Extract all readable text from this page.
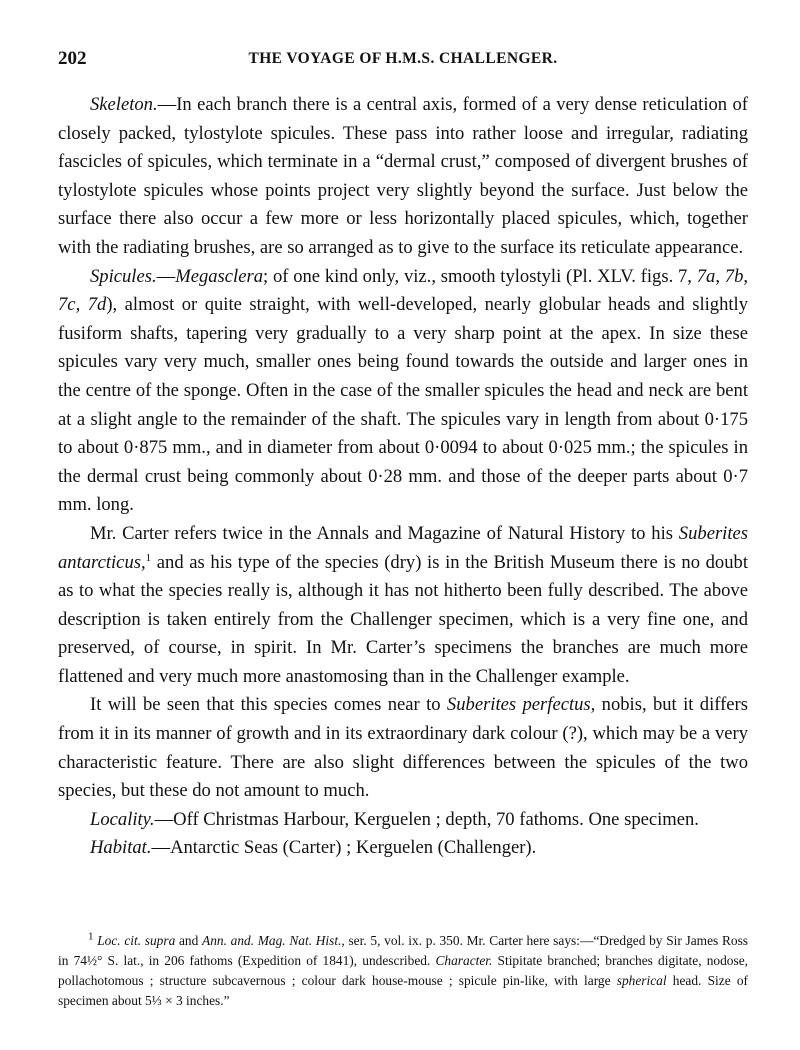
202	THE VOYAGE OF H.M.S. CHALLENGER.

Skeleton.—In each branch there is a central axis, formed of a very dense reticulation of closely packed, tylostylote spicules. These pass into rather loose and irregular, radiating fascicles of spicules, which terminate in a “dermal crust,” composed of divergent brushes of tylostylote spicules whose points project very slightly beyond the surface. Just below the surface there also occur a few more or less horizontally placed spicules, which, together with the radiating brushes, are so arranged as to give to the surface its reticulate appearance.

Spicules.—Megasclera; of one kind only, viz., smooth tylostyli (Pl. XLV. figs. 7, 7a, 7b, 7c, 7d), almost or quite straight, with well-developed, nearly globular heads and slightly fusiform shafts, tapering very gradually to a very sharp point at the apex. In size these spicules vary very much, smaller ones being found towards the outside and larger ones in the centre of the sponge. Often in the case of the smaller spicules the head and neck are bent at a slight angle to the remainder of the shaft. The spicules vary in length from about 0·175 to about 0·875 mm., and in diameter from about 0·0094 to about 0·025 mm.; the spicules in the dermal crust being commonly about 0·28 mm. and those of the deeper parts about 0·7 mm. long.

Mr. Carter refers twice in the Annals and Magazine of Natural History to his Suberites antarcticus,$^1$ and as his type of the species (dry) is in the British Museum there is no doubt as to what the species really is, although it has not hitherto been fully described. The above description is taken entirely from the Challenger specimen, which is a very fine one, and preserved, of course, in spirit. In Mr. Carter’s specimens the branches are much more flattened and very much more anastomosing than in the Challenger example.

It will be seen that this species comes near to Suberites perfectus, nobis, but it differs from it in its manner of growth and in its extraordinary dark colour (?), which may be a very characteristic feature. There are also slight differences between the spicules of the two species, but these do not amount to much.

Locality.—Off Christmas Harbour, Kerguelen ; depth, 70 fathoms. One specimen.

Habitat.—Antarctic Seas (Carter) ; Kerguelen (Challenger).

$^1$ Loc. cit. supra and Ann. and. Mag. Nat. Hist., ser. 5, vol. ix. p. 350. Mr. Carter here says:—“Dredged by Sir James Ross in 74½° S. lat., in 206 fathoms (Expedition of 1841), undescribed. Character. Stipitate branched; branches digitate, nodose, pollachotomous ; structure subcavernous ; colour dark house-mouse ; spicule pin-like, with large spherical head. Size of specimen about 5⅓ × 3 inches.”
